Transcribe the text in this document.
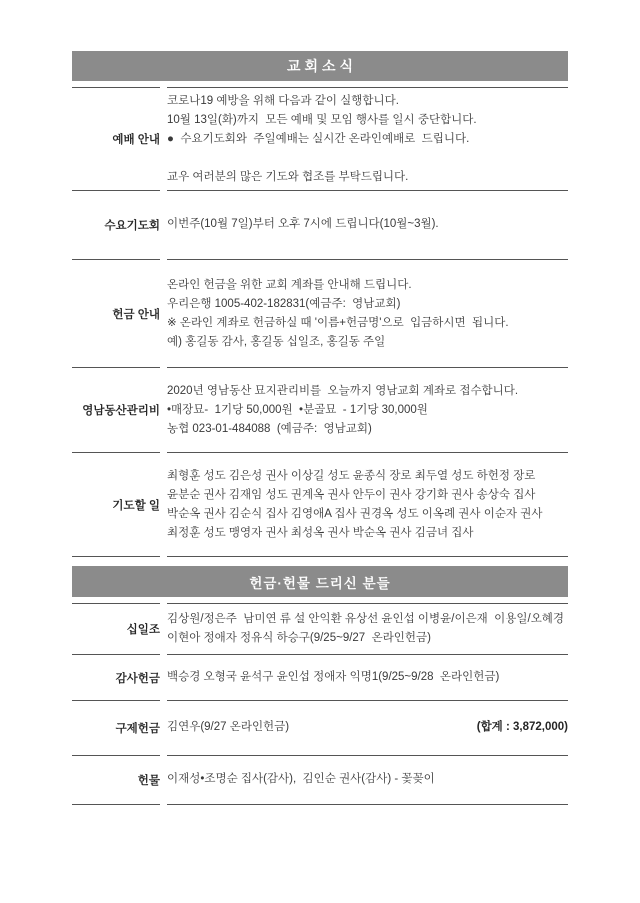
교회소식
예배 안내
코로나19 예방을 위해 다음과 같이 실행합니다.
10월 13일(화)까지  모든 예배 및 모임 행사를 일시 중단합니다.
●  수요기도회와  주일예배는 실시간 온라인예배로  드립니다.
교우 여러분의 많은 기도와 협조를 부탁드립니다.
수요기도회 이번주(10월 7일)부터 오후 7시에 드립니다(10월~3월).
헌금 안내
온라인 헌금을 위한 교회 계좌를 안내해 드립니다.
우리은행 1005-402-182831(예금주:  영남교회)
※ 온라인 계좌로 헌금하실 때 '이름+헌금명'으로  입금하시면  됩니다.
예) 홍길동 감사, 홍길동 십일조, 홍길동 주일
영남동산관리비
2020년 영남동산 묘지관리비를  오늘까지 영남교회 계좌로 접수합니다.
•매장묘-  1기당 50,000원  •분골묘  - 1기당 30,000원
농협 023-01-484088  (예금주:  영남교회)
기도할 일
최형훈 성도 김은성 권사 이상길 성도 윤종식 장로 최두열 성도 하헌정 장로
윤분순 권사 김재임 성도 권계옥 권사 안두이 권사 강기화 권사 송상숙 집사
박순옥 권사 김순식 집사 김영애A 집사 권경옥 성도 이옥례 권사 이순자 권사
최정훈 성도 맹영자 권사 최성옥 권사 박순옥 권사 김금녀 집사
헌금·헌물 드리신 분들
십일조
김상원/정은주  남미연 류 설 안익환 유상선 윤인섭 이병윤/이은재  이용일/오혜경
이현아 정애자 정유식 하승구(9/25~9/27  온라인헌금)
감사헌금 백승경 오형국 윤석구 윤인섭 정애자 익명1(9/25~9/28  온라인헌금)
구제헌금 김연우(9/27 온라인헌금)	(합계 : 3,872,000)
헌물 이재성•조명순 집사(감사),  김인순 권사(감사) - 꽃꽂이
